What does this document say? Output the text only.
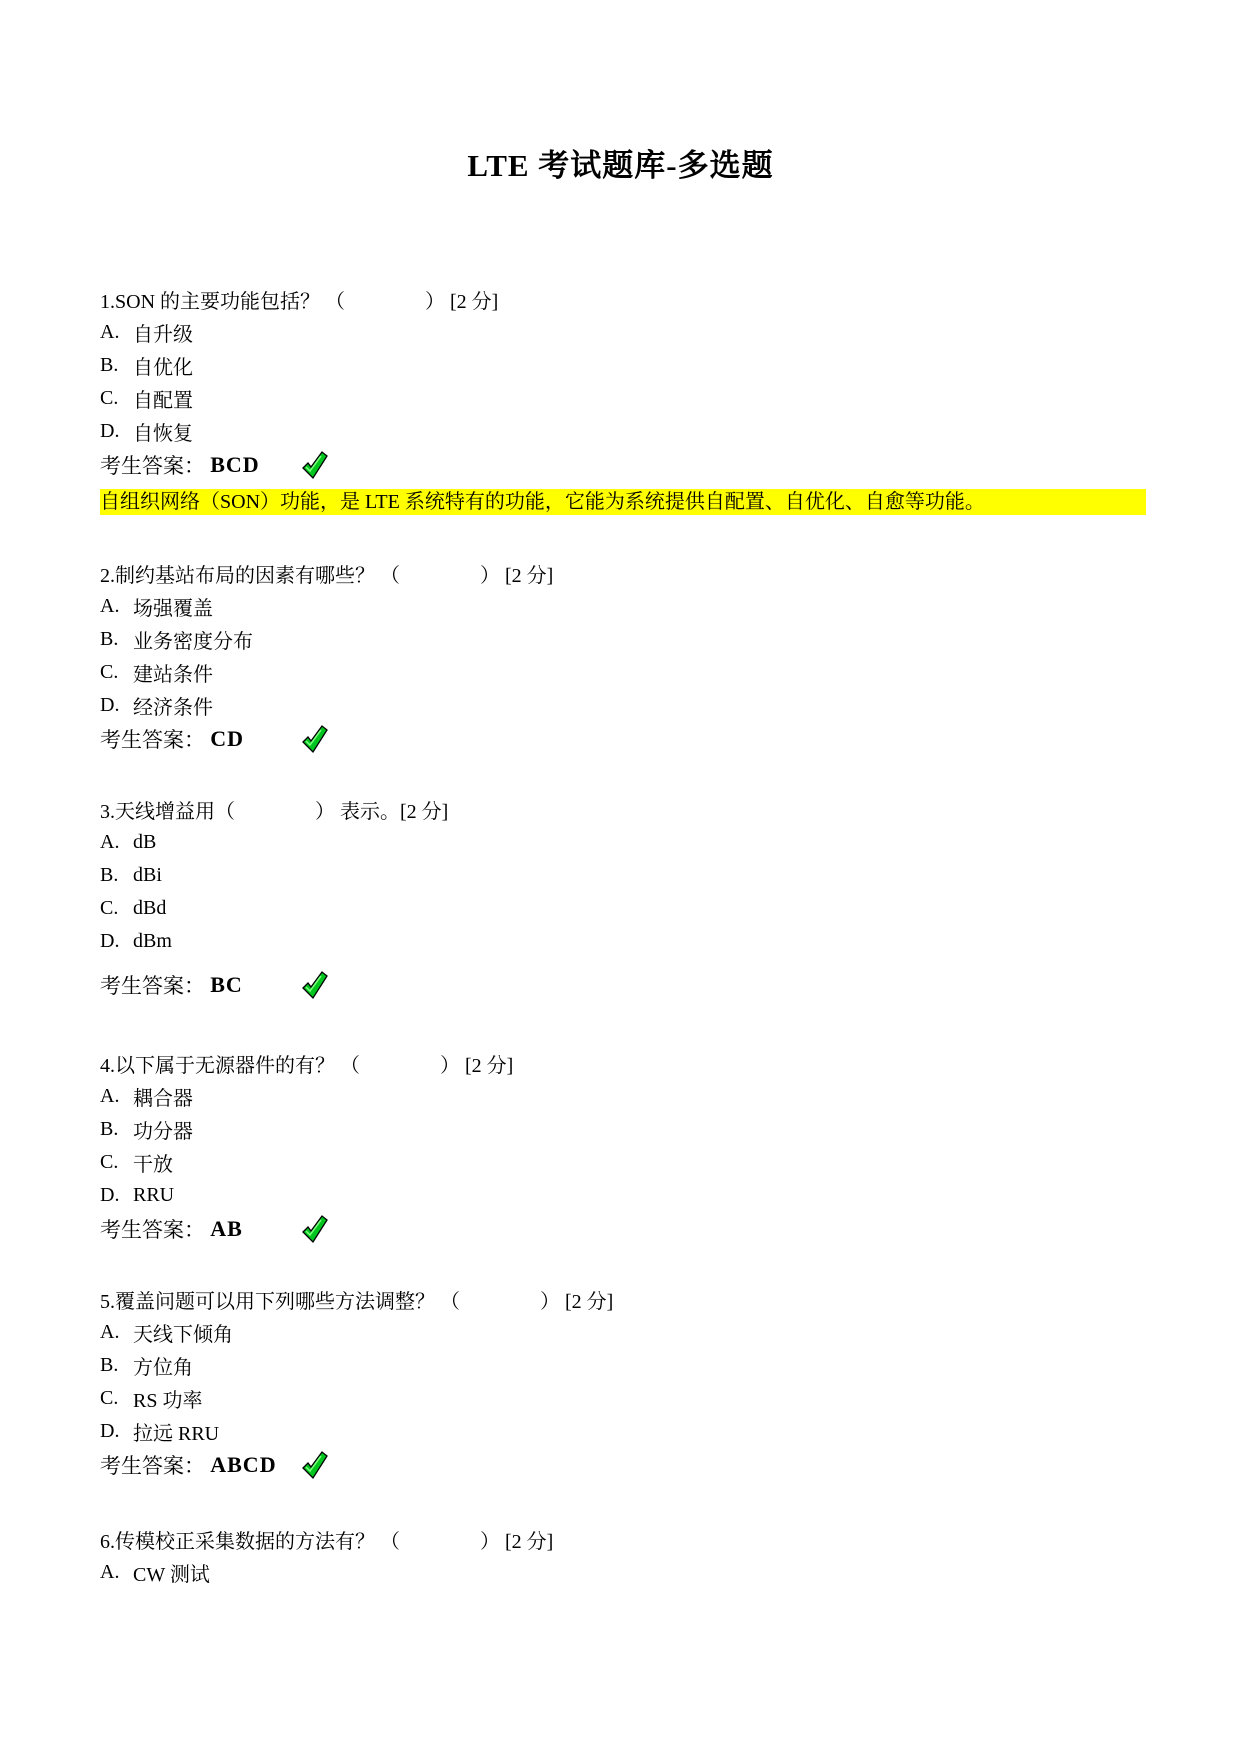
LTE 考试题库-多选题
1.SON 的主要功能包括？ （　　　　） [2 分]
A. 自升级
B. 自优化
C. 自配置
D. 自恢复
考生答案： BCD
自组织网络（SON）功能，是 LTE 系统特有的功能，它能为系统提供自配置、自优化、自愈等功能。
2.制约基站布局的因素有哪些？ （　　　　） [2 分]
A. 场强覆盖
B. 业务密度分布
C. 建站条件
D. 经济条件
考生答案： CD
3.天线增益用（　　　　） 表示。[2 分]
A. dB
B. dBi
C. dBd
D. dBm
考生答案： BC
4.以下属于无源器件的有？ （　　　　） [2 分]
A. 耦合器
B. 功分器
C. 干放
D. RRU
考生答案： AB
5.覆盖问题可以用下列哪些方法调整？ （　　　　） [2 分]
A. 天线下倾角
B. 方位角
C. RS 功率
D. 拉远 RRU
考生答案： ABCD
6.传模校正采集数据的方法有？ （　　　　） [2 分]
A. CW 测试
